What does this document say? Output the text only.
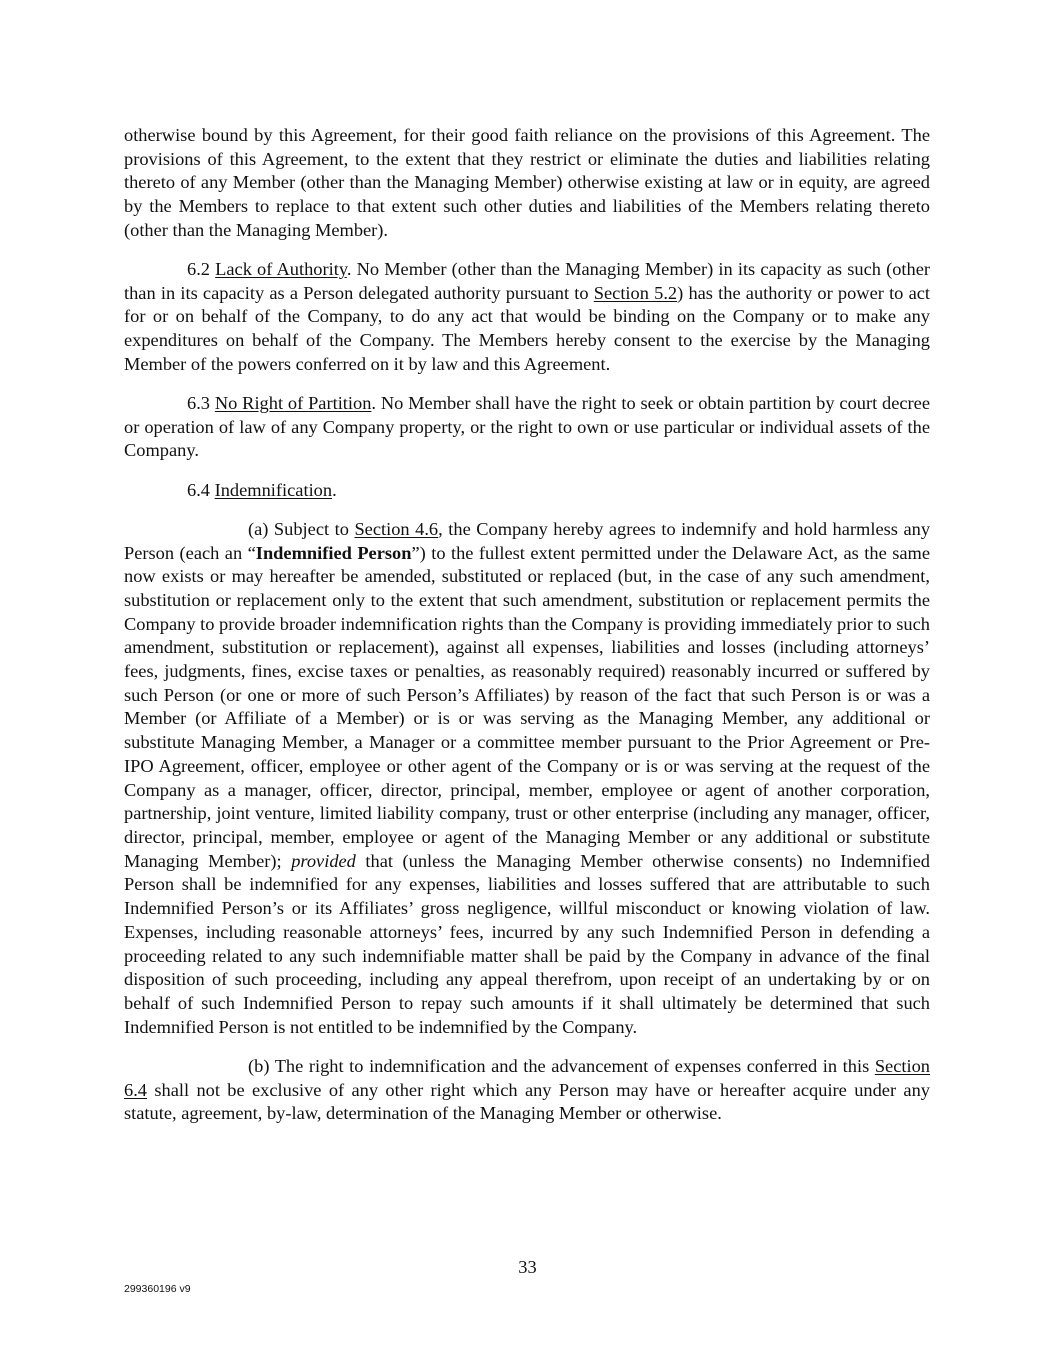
otherwise bound by this Agreement, for their good faith reliance on the provisions of this Agreement. The provisions of this Agreement, to the extent that they restrict or eliminate the duties and liabilities relating thereto of any Member (other than the Managing Member) otherwise existing at law or in equity, are agreed by the Members to replace to that extent such other duties and liabilities of the Members relating thereto (other than the Managing Member).

6.2 Lack of Authority. No Member (other than the Managing Member) in its capacity as such (other than in its capacity as a Person delegated authority pursuant to Section 5.2) has the authority or power to act for or on behalf of the Company, to do any act that would be binding on the Company or to make any expenditures on behalf of the Company. The Members hereby consent to the exercise by the Managing Member of the powers conferred on it by law and this Agreement.

6.3 No Right of Partition. No Member shall have the right to seek or obtain partition by court decree or operation of law of any Company property, or the right to own or use particular or individual assets of the Company.

6.4 Indemnification.

(a) Subject to Section 4.6, the Company hereby agrees to indemnify and hold harmless any Person (each an “Indemnified Person”) to the fullest extent permitted under the Delaware Act, as the same now exists or may hereafter be amended, substituted or replaced (but, in the case of any such amendment, substitution or replacement only to the extent that such amendment, substitution or replacement permits the Company to provide broader indemnification rights than the Company is providing immediately prior to such amendment, substitution or replacement), against all expenses, liabilities and losses (including attorneys’ fees, judgments, fines, excise taxes or penalties, as reasonably required) reasonably incurred or suffered by such Person (or one or more of such Person’s Affiliates) by reason of the fact that such Person is or was a Member (or Affiliate of a Member) or is or was serving as the Managing Member, any additional or substitute Managing Member, a Manager or a committee member pursuant to the Prior Agreement or Pre-IPO Agreement, officer, employee or other agent of the Company or is or was serving at the request of the Company as a manager, officer, director, principal, member, employee or agent of another corporation, partnership, joint venture, limited liability company, trust or other enterprise (including any manager, officer, director, principal, member, employee or agent of the Managing Member or any additional or substitute Managing Member); provided that (unless the Managing Member otherwise consents) no Indemnified Person shall be indemnified for any expenses, liabilities and losses suffered that are attributable to such Indemnified Person’s or its Affiliates’ gross negligence, willful misconduct or knowing violation of law. Expenses, including reasonable attorneys’ fees, incurred by any such Indemnified Person in defending a proceeding related to any such indemnifiable matter shall be paid by the Company in advance of the final disposition of such proceeding, including any appeal therefrom, upon receipt of an undertaking by or on behalf of such Indemnified Person to repay such amounts if it shall ultimately be determined that such Indemnified Person is not entitled to be indemnified by the Company.

(b) The right to indemnification and the advancement of expenses conferred in this Section 6.4 shall not be exclusive of any other right which any Person may have or hereafter acquire under any statute, agreement, by-law, determination of the Managing Member or otherwise.

33
299360196 v9
